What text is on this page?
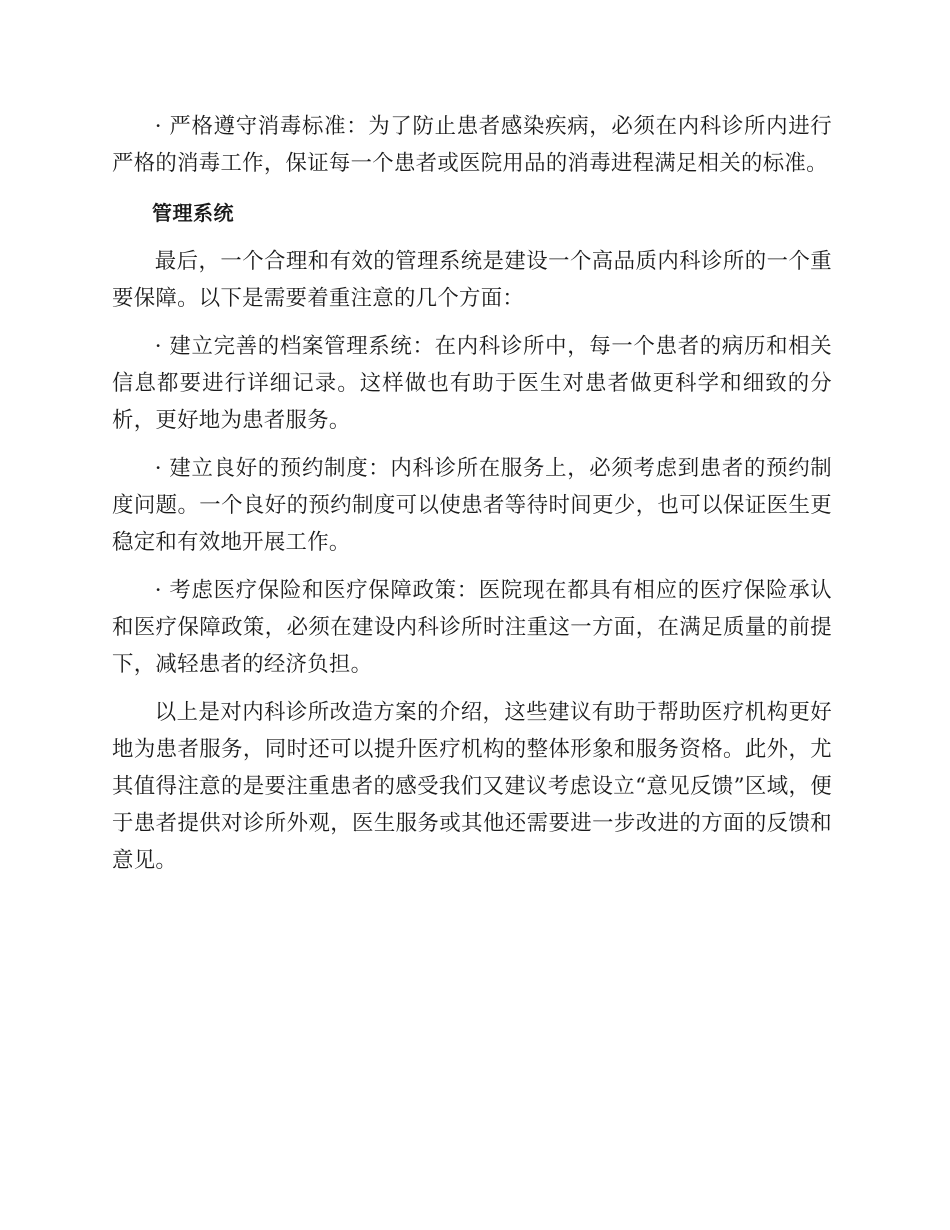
· 严格遵守消毒标准：为了防止患者感染疾病，必须在内科诊所内进行严格的消毒工作，保证每一个患者或医院用品的消毒进程满足相关的标准。

管理系统

最后，一个合理和有效的管理系统是建设一个高品质内科诊所的一个重要保障。以下是需要着重注意的几个方面：

· 建立完善的档案管理系统：在内科诊所中，每一个患者的病历和相关信息都要进行详细记录。这样做也有助于医生对患者做更科学和细致的分析，更好地为患者服务。

· 建立良好的预约制度：内科诊所在服务上，必须考虑到患者的预约制度问题。一个良好的预约制度可以使患者等待时间更少，也可以保证医生更稳定和有效地开展工作。

· 考虑医疗保险和医疗保障政策：医院现在都具有相应的医疗保险承认和医疗保障政策，必须在建设内科诊所时注重这一方面，在满足质量的前提下，减轻患者的经济负担。

以上是对内科诊所改造方案的介绍，这些建议有助于帮助医疗机构更好地为患者服务，同时还可以提升医疗机构的整体形象和服务资格。此外，尤其值得注意的是要注重患者的感受我们又建议考虑设立“意见反馈”区域，便于患者提供对诊所外观，医生服务或其他还需要进一步改进的方面的反馈和意见。
